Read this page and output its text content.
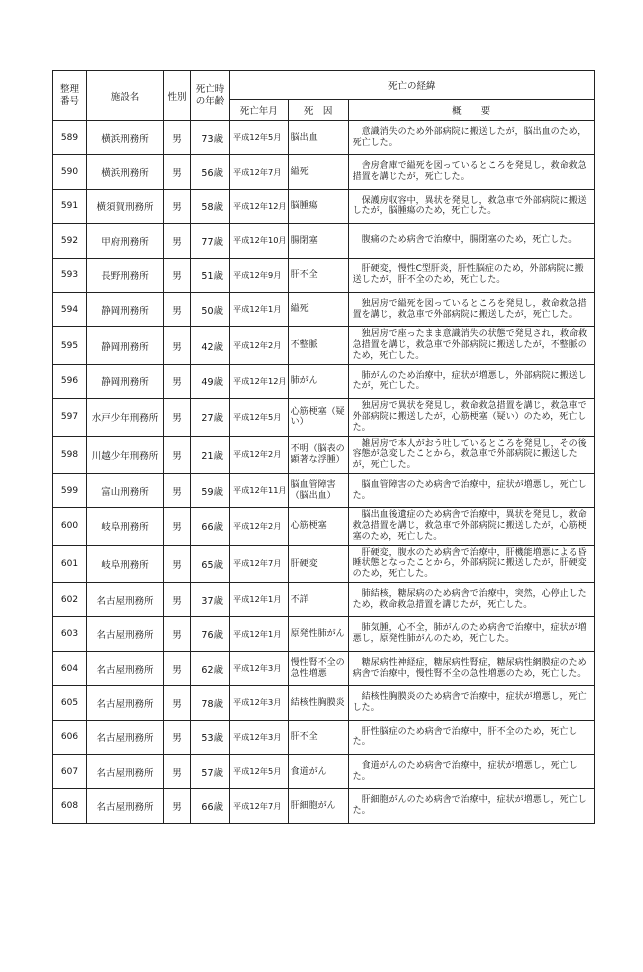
整理
番号	施設名	性別	死亡時
の年齢	死亡の経緯		
				死亡年月	死　因	概　　要
589	横浜刑務所	男	73歳	平成12年5月	脳出血	意識消失のため外部病院に搬送したが，脳出血のため，死亡した。
590	横浜刑務所	男	56歳	平成12年7月	縊死	舎房倉庫で縊死を図っているところを発見し，救命救急措置を講じたが，死亡した。
591	横須賀刑務所	男	58歳	平成12年12月	脳腫瘍	保護房収容中，異状を発見し，救急車で外部病院に搬送したが，脳腫瘍のため，死亡した。
592	甲府刑務所	男	77歳	平成12年10月	腸閉塞	腹痛のため病舎で治療中，腸閉塞のため，死亡した。
593	長野刑務所	男	51歳	平成12年9月	肝不全	肝硬変，慢性C型肝炎，肝性脳症のため，外部病院に搬送したが，肝不全のため，死亡した。
594	静岡刑務所	男	50歳	平成12年1月	縊死	独居房で縊死を図っているところを発見し，救命救急措置を講じ，救急車で外部病院に搬送したが，死亡した。
595	静岡刑務所	男	42歳	平成12年2月	不整脈	独居房で座ったまま意識消失の状態で発見され，救命救急措置を講じ，救急車で外部病院に搬送したが，不整脈のため，死亡した。
596	静岡刑務所	男	49歳	平成12年12月	肺がん	肺がんのため治療中，症状が増悪し，外部病院に搬送したが，死亡した。
597	水戸少年刑務所	男	27歳	平成12年5月	心筋梗塞（疑い）	独居房で異状を発見し，救命救急措置を講じ，救急車で外部病院に搬送したが，心筋梗塞（疑い）のため，死亡した。
598	川越少年刑務所	男	21歳	平成12年2月	不明（脳表の顕著な浮腫）	雑居房で本人がおう吐しているところを発見し，その後容態が急変したことから，救急車で外部病院に搬送したが，死亡した。
599	富山刑務所	男	59歳	平成12年11月	脳血管障害（脳出血）	脳血管障害のため病舎で治療中，症状が増悪し，死亡した。
600	岐阜刑務所	男	66歳	平成12年2月	心筋梗塞	脳出血後遺症のため病舎で治療中，異状を発見し，救命救急措置を講じ，救急車で外部病院に搬送したが，心筋梗塞のため，死亡した。
601	岐阜刑務所	男	65歳	平成12年7月	肝硬変	肝硬変，腹水のため病舎で治療中，肝機能増悪による昏睡状態となったことから，外部病院に搬送したが，肝硬変のため，死亡した。
602	名古屋刑務所	男	37歳	平成12年1月	不詳	肺結核，糖尿病のため病舎で治療中，突然，心停止したため，救命救急措置を講じたが，死亡した。
603	名古屋刑務所	男	76歳	平成12年1月	原発性肺がん	肺気腫，心不全，肺がんのため病舎で治療中，症状が増悪し，原発性肺がんのため，死亡した。
604	名古屋刑務所	男	62歳	平成12年3月	慢性腎不全の急性増悪	糖尿病性神経症，糖尿病性腎症，糖尿病性網膜症のため病舎で治療中，慢性腎不全の急性増悪のため，死亡した。
605	名古屋刑務所	男	78歳	平成12年3月	結核性胸膜炎	結核性胸膜炎のため病舎で治療中，症状が増悪し，死亡した。
606	名古屋刑務所	男	53歳	平成12年3月	肝不全	肝性脳症のため病舎で治療中，肝不全のため，死亡した。
607	名古屋刑務所	男	57歳	平成12年5月	食道がん	食道がんのため病舎で治療中，症状が増悪し，死亡した。
608	名古屋刑務所	男	66歳	平成12年7月	肝細胞がん	肝細胞がんのため病舎で治療中，症状が増悪し，死亡した。
